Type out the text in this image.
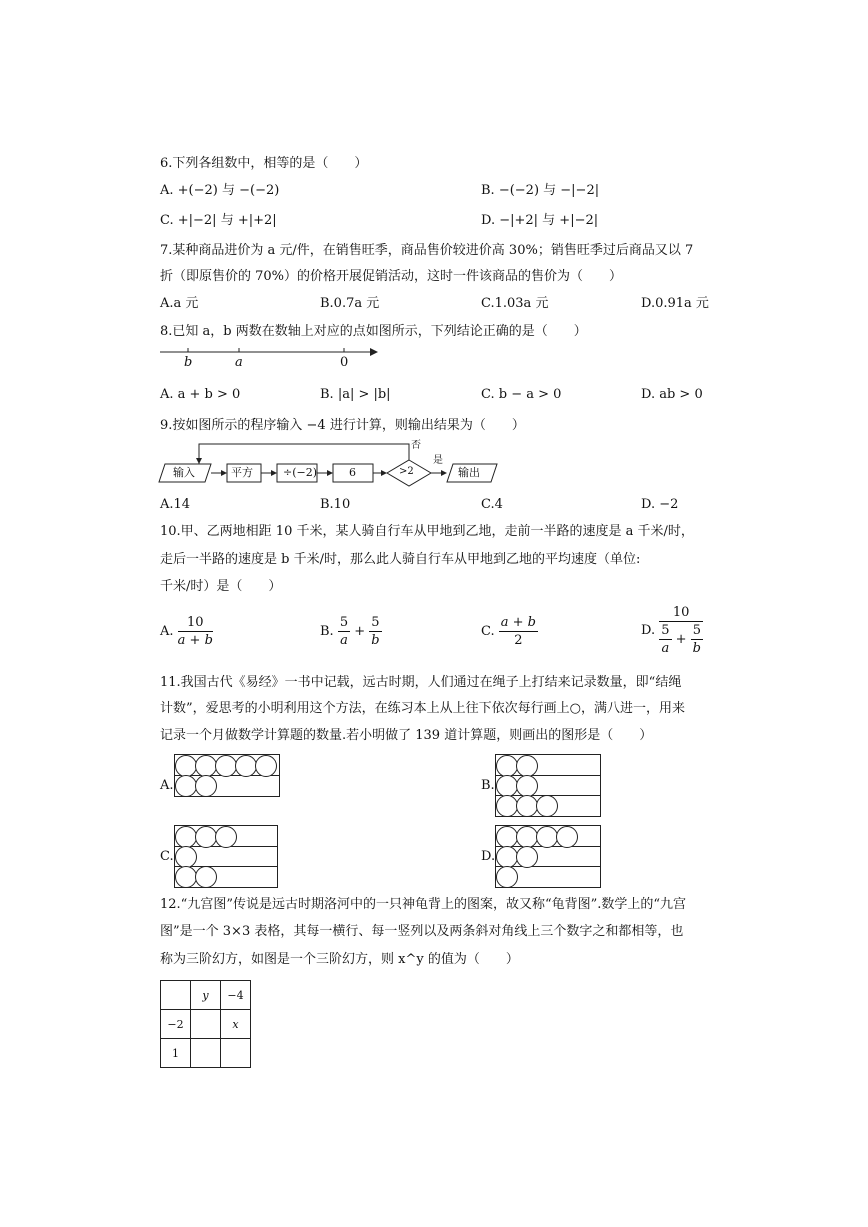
6.下列各组数中，相等的是（　　）
A. +(−2) 与 −(−2)	B. −(−2) 与 −|−2|
C. +|−2| 与 +|+2|	D. −|+2| 与 +|−2|
7.某种商品进价为 a 元/件，在销售旺季，商品售价较进价高 30%；销售旺季过后商品又以 7
折（即原售价的 70%）的价格开展促销活动，这时一件该商品的售价为（　　）
A.a 元	B.0.7a 元	C.1.03a 元	D.0.91a 元
8.已知 a，b 两数在数轴上对应的点如图所示，下列结论正确的是（　　）
b	a	0
A. a + b > 0	B. |a| > |b|	C. b − a > 0	D. ab > 0
9.按如图所示的程序输入 −4 进行计算，则输出结果为（　　）
输入	平方	÷(−2)	6	>2
否
是
输出
A.14	B.10	C.4	D. −2
10.甲、乙两地相距 10 千米，某人骑自行车从甲地到乙地，走前一半路的速度是 a 千米/时，
走后一半路的速度是 b 千米/时，那么此人骑自行车从甲地到乙地的平均速度（单位:
千米/时）是（　　）
A. $\frac{10}{a + b}$	B. $\frac{5}{a} + \frac{5}{b}$	C. $\frac{a + b}{2}$	D. $\frac{10}{\frac{5}{a} + \frac{5}{b}}$
11.我国古代《易经》一书中记载，远古时期，人们通过在绳子上打结来记录数量，即“结绳
计数”，爱思考的小明利用这个方法，在练习本上从上往下依次每行画上○，满八进一，用来
记录一个月做数学计算题的数量.若小明做了 139 道计算题，则画出的图形是（　　）
A.	B.
C.	D.
12.“九宫图”传说是远古时期洛河中的一只神龟背上的图案，故又称“龟背图”.数学上的“九宫
图”是一个 3×3 表格，其每一横行、每一竖列以及两条斜对角线上三个数字之和都相等，也
称为三阶幻方，如图是一个三阶幻方，则 x^y 的值为（　　）
	y	−4
−2		x
1		
